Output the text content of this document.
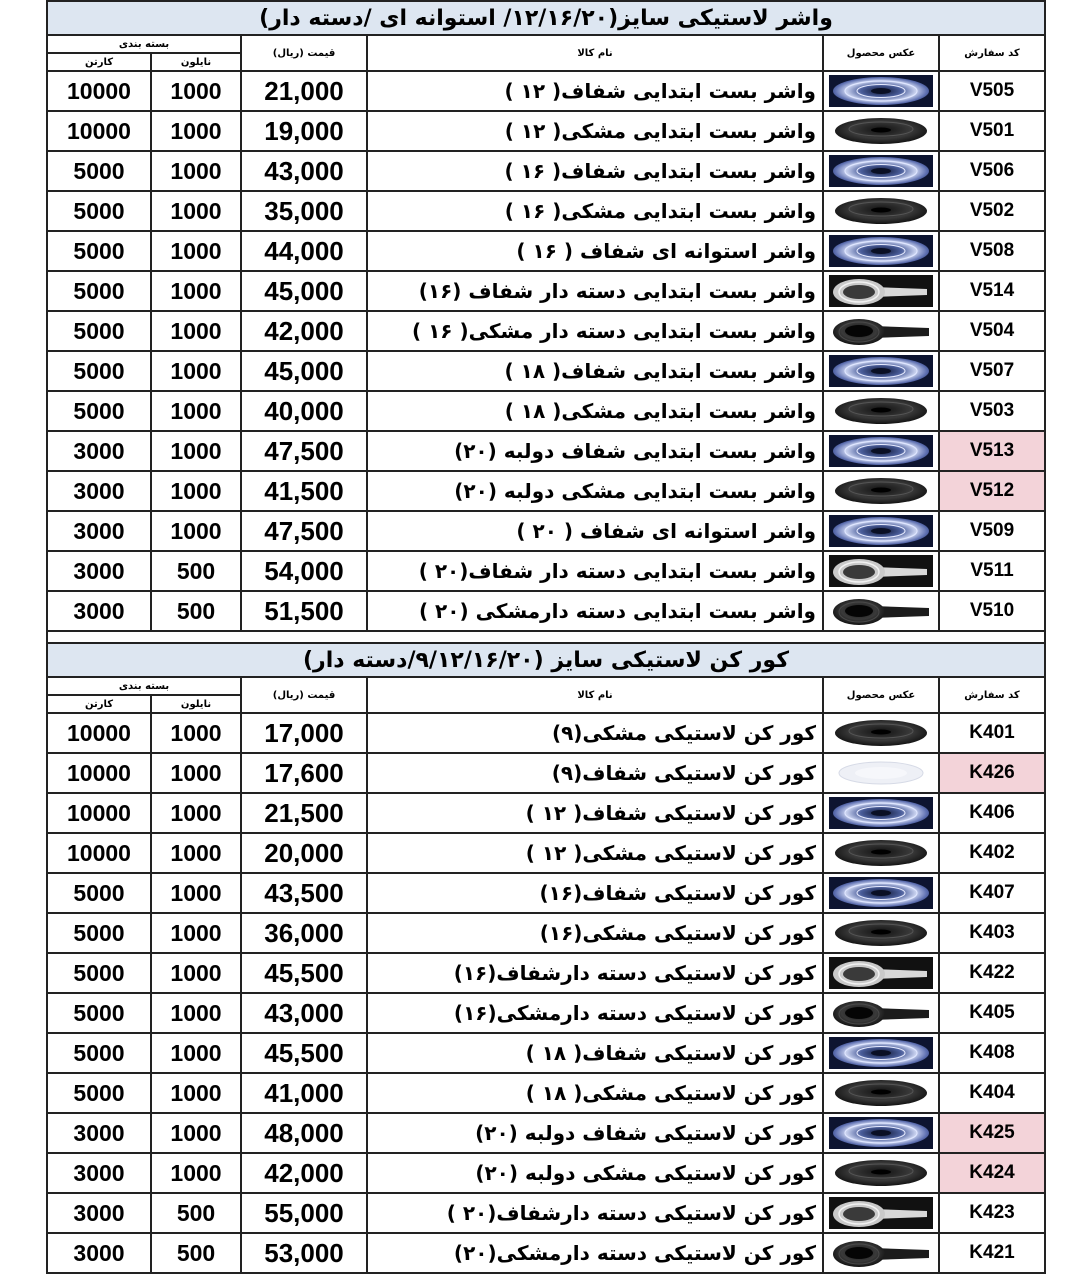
واشر لاستیکی سایز(۱۲/۱۶/۲۰/ استوانه ای /دسته دار)					
بسته بندی		قیمت (ریال)	نام کالا	عکس محصول	کد سفارش
کارتن	نایلون				
10000	1000	21,000	واشر بست ابتدایی شفاف( ۱۲ )		V505
10000	1000	19,000	واشر بست ابتدایی مشکی( ۱۲ )		V501
5000	1000	43,000	واشر بست ابتدایی شفاف( ۱۶ )		V506
5000	1000	35,000	واشر بست ابتدایی مشکی( ۱۶ )		V502
5000	1000	44,000	واشر استوانه ای شفاف ( ۱۶ )		V508
5000	1000	45,000	واشر بست ابتدایی دسته دار شفاف (۱۶)		V514
5000	1000	42,000	واشر بست ابتدایی دسته دار مشکی( ۱۶ )		V504
5000	1000	45,000	واشر بست ابتدایی شفاف( ۱۸ )		V507
5000	1000	40,000	واشر بست ابتدایی مشکی( ۱۸ )		V503
3000	1000	47,500	واشر بست ابتدایی شفاف دولبه (۲۰)		V513
3000	1000	41,500	واشر بست ابتدایی مشکی دولبه (۲۰)		V512
3000	1000	47,500	واشر استوانه ای شفاف ( ۲۰ )		V509
3000	500	54,000	واشر بست ابتدایی دسته دار شفاف(۲۰ )		V511
3000	500	51,500	واشر بست ابتدایی دسته دارمشکی (۲۰ )		V510

کور کن لاستیکی سایز (۹/۱۲/۱۶/۲۰/دسته دار)					
بسته بندی		قیمت (ریال)	نام کالا	عکس محصول	کد سفارش
کارتن	نایلون				
10000	1000	17,000	کور کن لاستیکی مشکی(۹)		K401
10000	1000	17,600	کور کن لاستیکی شفاف(۹)		K426
10000	1000	21,500	کور کن لاستیکی شفاف( ۱۲ )		K406
10000	1000	20,000	کور کن لاستیکی مشکی( ۱۲ )		K402
5000	1000	43,500	کور کن لاستیکی شفاف(۱۶)		K407
5000	1000	36,000	کور کن لاستیکی مشکی(۱۶)		K403
5000	1000	45,500	کور کن لاستیکی دسته دارشفاف(۱۶)		K422
5000	1000	43,000	کور کن لاستیکی دسته دارمشکی(۱۶)		K405
5000	1000	45,500	کور کن لاستیکی شفاف( ۱۸ )		K408
5000	1000	41,000	کور کن لاستیکی مشکی( ۱۸ )		K404
3000	1000	48,000	کور کن لاستیکی شفاف دولبه (۲۰)		K425
3000	1000	42,000	کور کن لاستیکی مشکی دولبه (۲۰)		K424
3000	500	55,000	کور کن لاستیکی دسته دارشفاف(۲۰ )		K423
3000	500	53,000	کور کن لاستیکی دسته دارمشکی(۲۰)		K421
